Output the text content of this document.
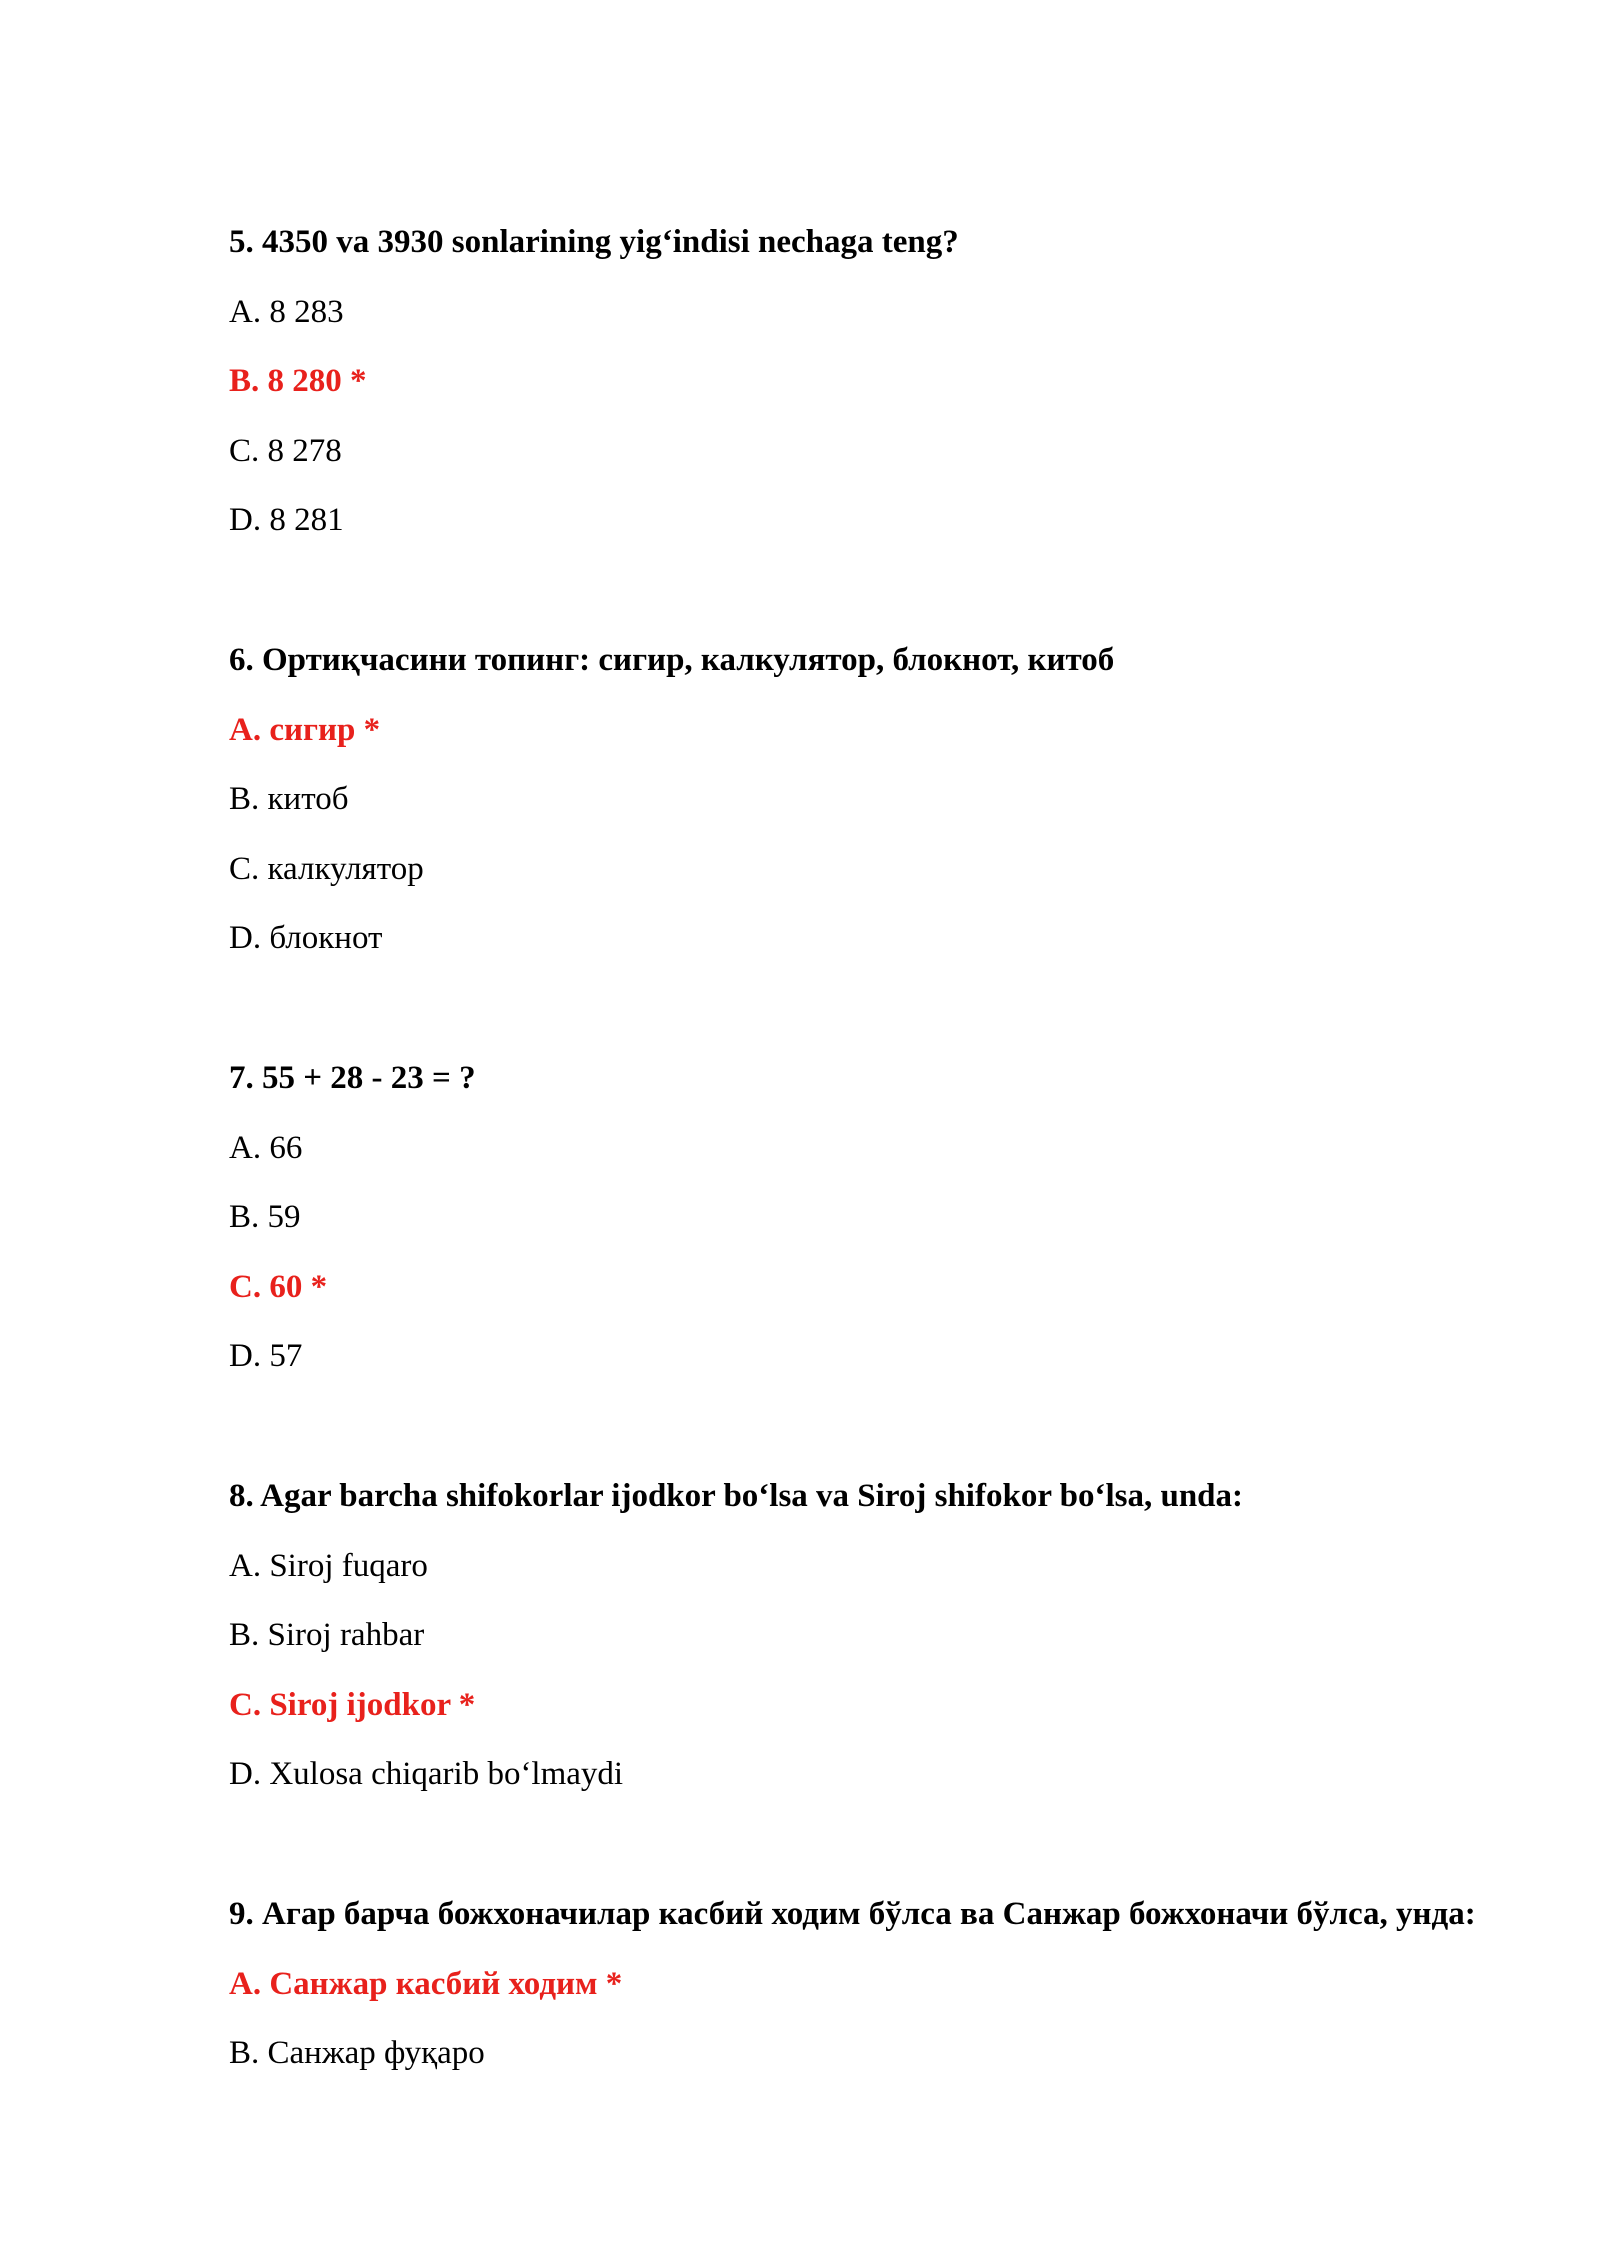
5. 4350 va 3930 sonlarining yig‘indisi nechaga teng?

A. 8 283

B. 8 280 *

C. 8 278

D. 8 281

6. Ортиқчасини топинг: сигир, калкулятор, блокнот, китоб

A. сигир *

B. китоб

C. калкулятор

D. блокнот

7. 55 + 28 - 23 = ?

A. 66

B. 59

C. 60 *

D. 57

8. Agar barcha shifokorlar ijodkor bo‘lsa va Siroj shifokor bo‘lsa, unda:

A. Siroj fuqaro

B. Siroj rahbar

C. Siroj ijodkor *

D. Xulosa chiqarib bo‘lmaydi

9. Агар барча божхоначилар касбий ходим бўлса ва Санжар божхоначи бўлса, унда:

A. Санжар касбий ходим *

B. Санжар фуқаро
